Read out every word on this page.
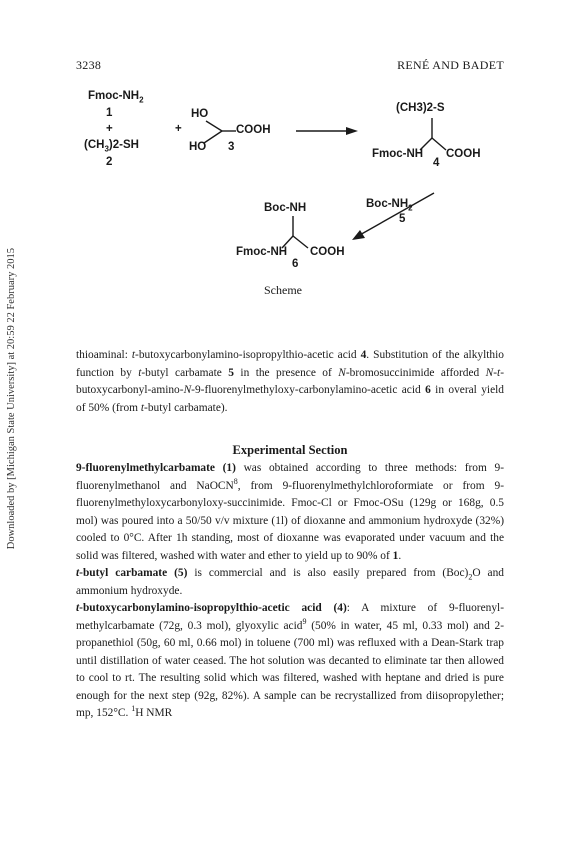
3238	RENÉ AND BADET
Downloaded by [Michigan State University] at 20:59 22 February 2015
Fmoc-$NH_2$
1
+
$(CH_3)2-SH$
2
+
HO
COOH
HO 3
(CH3)2-S
Fmoc-NH COOH
4
Boc-$NH_2$
5
Boc-NH
Fmoc-NH COOH
6
Scheme

thioaminal: t-butoxycarbonylamino-isopropylthio-acetic acid 4. Substitution of the alkylthio function by t-butyl carbamate 5 in the presence of N-bromosuccinimide afforded N-t-butoxycarbonyl-amino-N-9-fluorenylmethyloxy-carbonylamino-acetic acid 6 in overal yield of 50% (from t-butyl carbamate).

Experimental Section

9-fluorenylmethylcarbamate (1) was obtained according to three methods: from 9-fluorenylmethanol and NaOCN$^8$, from 9-fluorenylmethylchloroformiate or from 9-fluorenylmethyloxycarbonyloxy-succinimide. Fmoc-Cl or Fmoc-OSu (129g or 168g, 0.5 mol) was poured into a 50/50 v/v mixture (1l) of dioxanne and ammonium hydroxyde (32%) cooled to 0°C. After 1h standing, most of dioxanne was evaporated under vacuum and the solid was filtered, washed with water and ether to yield up to 90% of 1.

t-butyl carbamate (5) is commercial and is also easily prepared from $(Boc)_2O$ and ammonium hydroxyde.

t-butoxycarbonylamino-isopropylthio-acetic acid (4): A mixture of 9-fluorenyl-methylcarbamate (72g, 0.3 mol), glyoxylic acid$^9$ (50% in water, 45 ml, 0.33 mol) and 2-propanethiol (50g, 60 ml, 0.66 mol) in toluene (700 ml) was refluxed with a Dean-Stark trap until distillation of water ceased. The hot solution was decanted to eliminate tar then allowed to cool to rt. The resulting solid which was filtered, washed with heptane and dried is pure enough for the next step (92g, 82%). A sample can be recrystallized from diisopropylether; mp, 152°C. $^1$H NMR
